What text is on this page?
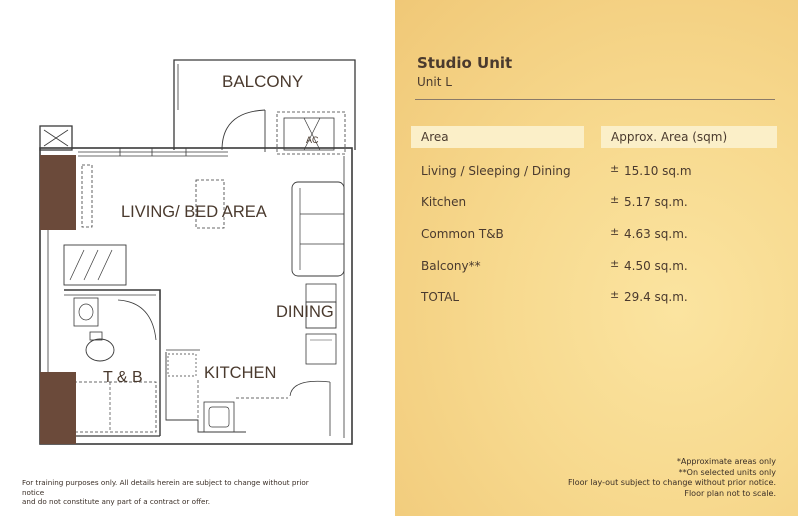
BALCONY
AC
LIVING/ BED AREA
DINING
T & B	KITCHEN
For training purposes only. All details herein are subject to change without prior notice
and do not constitute any part of a contract or offer.
Studio Unit
Unit L
Area	Approx. Area (sqm)
Living / Sleeping / Dining	± 15.10 sq.m
Kitchen	± 5.17 sq.m.
Common T&B	± 4.63 sq.m.
Balcony**	± 4.50 sq.m.
TOTAL	± 29.4 sq.m.
*Approximate areas only
**On selected units only
Floor lay-out subject to change without prior notice.
Floor plan not to scale.
